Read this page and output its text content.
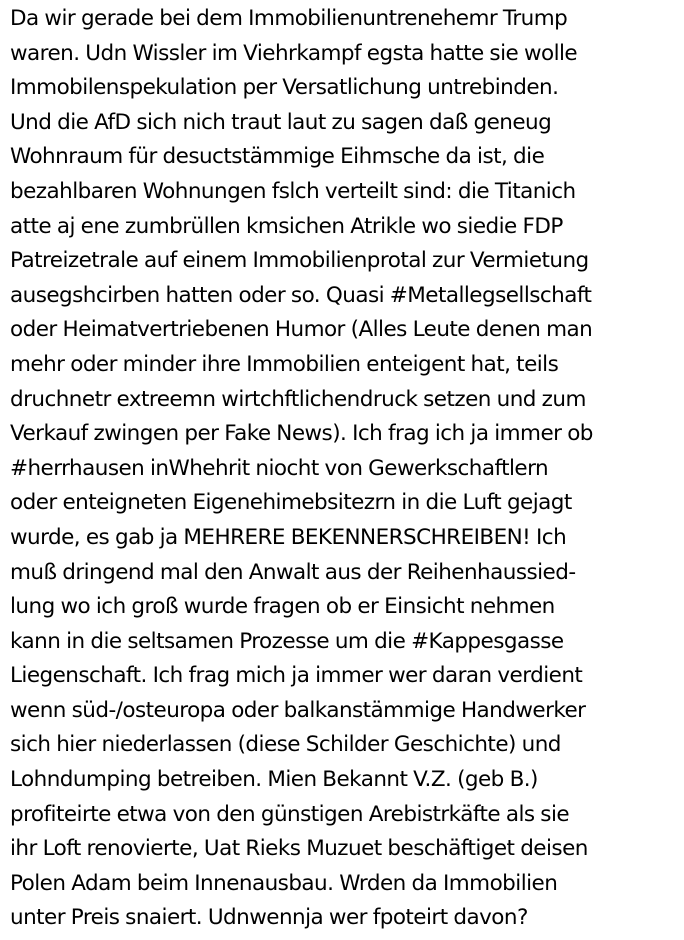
Da wir gerade bei dem Immobilienuntrenehemr Trump
waren. Udn Wissler im Viehrkampf egsta hatte sie wolle
Immobilenspekulation per Versatlichung untrebinden.
Und die AfD sich nich traut laut zu sagen daß geneug
Wohnraum für desuctstämmige Eihmsche da ist, die
bezahlbaren Wohnungen fslch verteilt sind: die Titanich
atte aj ene zumbrüllen kmsichen Atrikle wo siedie FDP
Patreizetrale auf einem Immobilienprotal zur Vermietung
ausegshcirben hatten oder so. Quasi #Metallegsellschaft
oder Heimatvertriebenen Humor (Alles Leute denen man
mehr oder minder ihre Immobilien enteigent hat, teils
druchnetr extreemn wirtchftlichendruck setzen und zum
Verkauf zwingen per Fake News). Ich frag ich ja immer ob
#herrhausen inWhehrit niocht von Gewerkschaftlern
oder enteigneten Eigenehimebsitezrn in die Luft gejagt
wurde, es gab ja MEHRERE BEKENNERSCHREIBEN! Ich
muß dringend mal den Anwalt aus der Reihenhaussied-
lung wo ich groß wurde fragen ob er Einsicht nehmen
kann in die seltsamen Prozesse um die #Kappesgasse
Liegenschaft. Ich frag mich ja immer wer daran verdient
wenn süd-/osteuropa oder balkanstämmige Handwerker
sich hier niederlassen (diese Schilder Geschichte) und
Lohndumping betreiben. Mien Bekannt V.Z. (geb B.)
profiteirte etwa von den günstigen Arebistrkäfte als sie
ihr Loft renovierte, Uat Rieks Muzuet beschäftiget deisen
Polen Adam beim Innenausbau. Wrden da Immobilien
unter Preis snaiert. Udnwennja wer fpoteirt davon?
